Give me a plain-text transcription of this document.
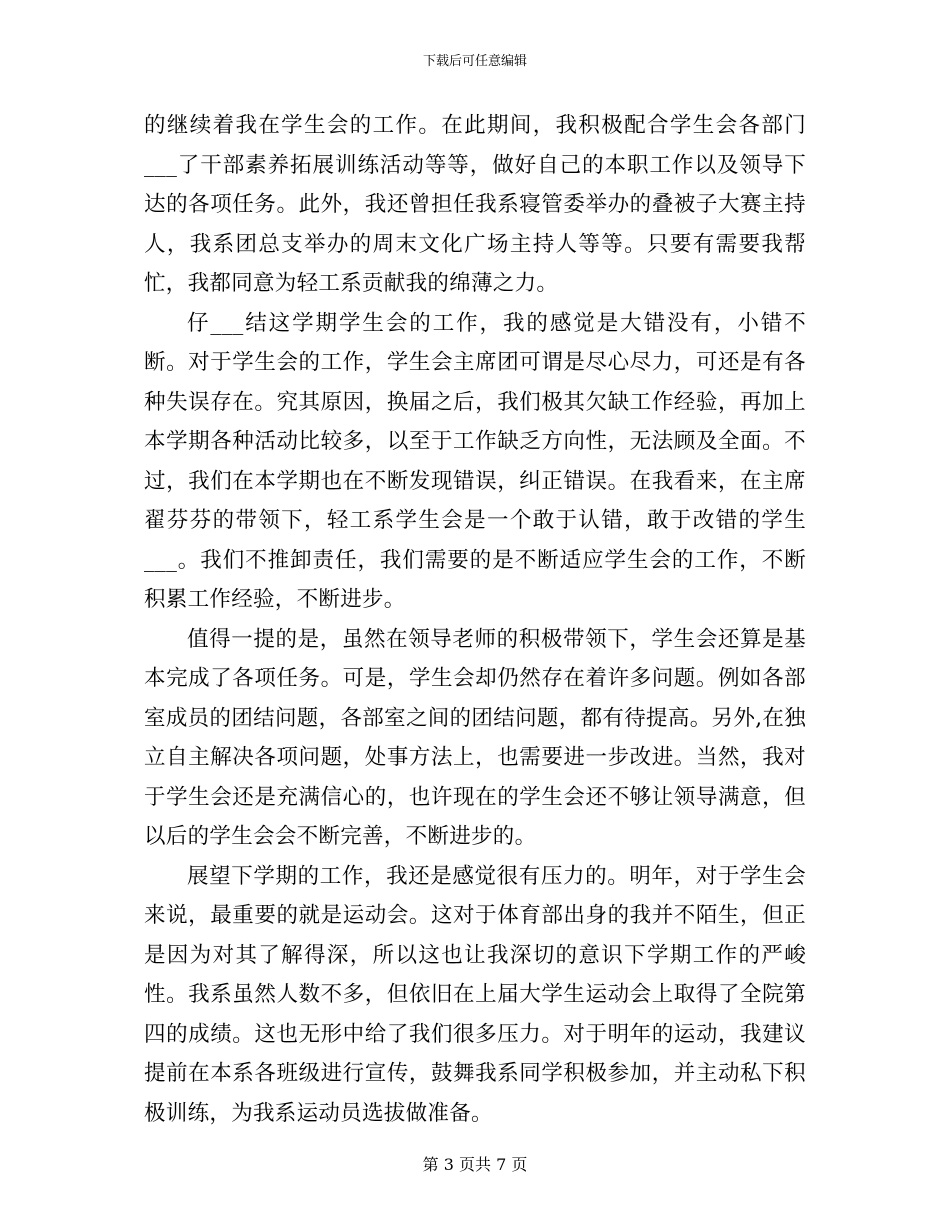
下载后可任意编辑

的继续着我在学生会的工作。在此期间，我积极配合学生会各部门___了干部素养拓展训练活动等等，做好自己的本职工作以及领导下达的各项任务。此外，我还曾担任我系寝管委举办的叠被子大赛主持人，我系团总支举办的周末文化广场主持人等等。只要有需要我帮忙，我都同意为轻工系贡献我的绵薄之力。

仔___结这学期学生会的工作，我的感觉是大错没有，小错不断。对于学生会的工作，学生会主席团可谓是尽心尽力，可还是有各种失误存在。究其原因，换届之后，我们极其欠缺工作经验，再加上本学期各种活动比较多，以至于工作缺乏方向性，无法顾及全面。不过，我们在本学期也在不断发现错误，纠正错误。在我看来，在主席翟芬芬的带领下，轻工系学生会是一个敢于认错，敢于改错的学生___。我们不推卸责任，我们需要的是不断适应学生会的工作，不断积累工作经验，不断进步。

值得一提的是，虽然在领导老师的积极带领下，学生会还算是基本完成了各项任务。可是，学生会却仍然存在着许多问题。例如各部室成员的团结问题，各部室之间的团结问题，都有待提高。另外,在独立自主解决各项问题，处事方法上，也需要进一步改进。当然，我对于学生会还是充满信心的，也许现在的学生会还不够让领导满意，但以后的学生会会不断完善，不断进步的。

展望下学期的工作，我还是感觉很有压力的。明年，对于学生会来说，最重要的就是运动会。这对于体育部出身的我并不陌生，但正是因为对其了解得深，所以这也让我深切的意识下学期工作的严峻性。我系虽然人数不多，但依旧在上届大学生运动会上取得了全院第四的成绩。这也无形中给了我们很多压力。对于明年的运动，我建议提前在本系各班级进行宣传，鼓舞我系同学积极参加，并主动私下积极训练，为我系运动员选拔做准备。

第 3 页共 7 页
